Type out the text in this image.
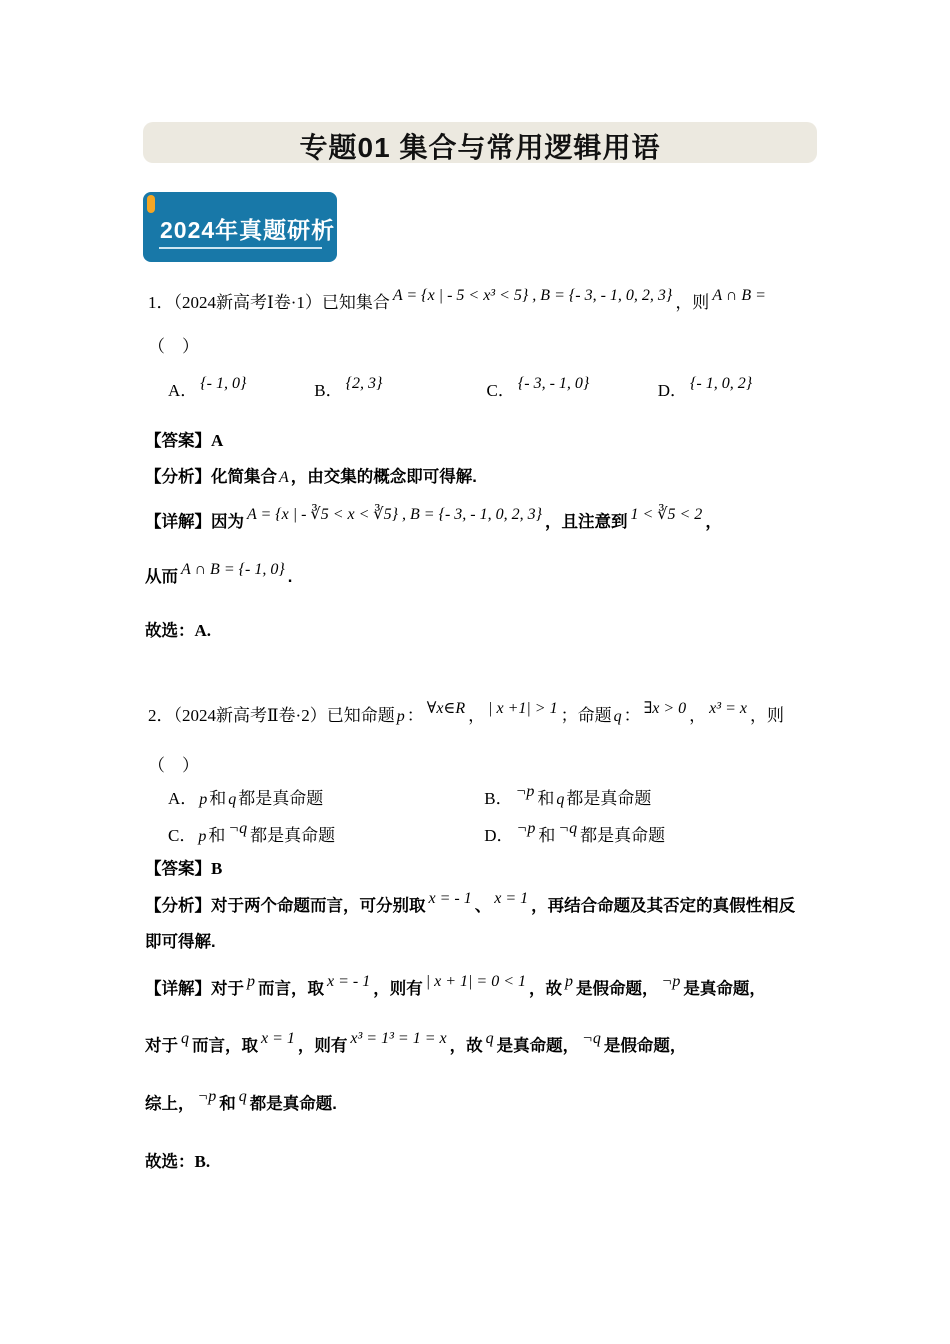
专题01 集合与常用逻辑用语
2024年真题研析
1．（2024新高考Ⅰ卷·1）已知集合 A = {x | - 5 < x³ < 5} , B = {- 3, - 1, 0, 2, 3} ，则 A ∩ B =
（　）
A． {- 1, 0}	B． {2, 3}	C． {- 3, - 1, 0}	D． {- 1, 0, 2}
【答案】A
【分析】化简集合 A ，由交集的概念即可得解.
【详解】因为 A = {x | - ∛5 < x < ∛5} , B = {- 3, - 1, 0, 2, 3} ，且注意到 1 < ∛5 < 2 ，
从而 A ∩ B = {- 1, 0} .
故选：A.
2．（2024新高考Ⅱ卷·2）已知命题 p ： ∀x∈R ， | x +1| > 1 ；命题 q ： ∃x > 0 ， x³ = x ，则
（　）
A． p 和 q 都是真命题	B． ¬p 和 q 都是真命题
C． p 和 ¬q 都是真命题	D． ¬p 和 ¬q 都是真命题
【答案】B
【分析】对于两个命题而言，可分别取 x = - 1 、 x = 1 ，再结合命题及其否定的真假性相反
即可得解.
【详解】对于 p 而言，取 x = - 1 ，则有 | x + 1| = 0 < 1 ，故 p 是假命题， ¬p 是真命题，
对于 q 而言，取 x = 1 ，则有 x³ = 1³ = 1 = x ，故 q 是真命题， ¬q 是假命题，
综上， ¬p 和 q 都是真命题.
故选：B.
